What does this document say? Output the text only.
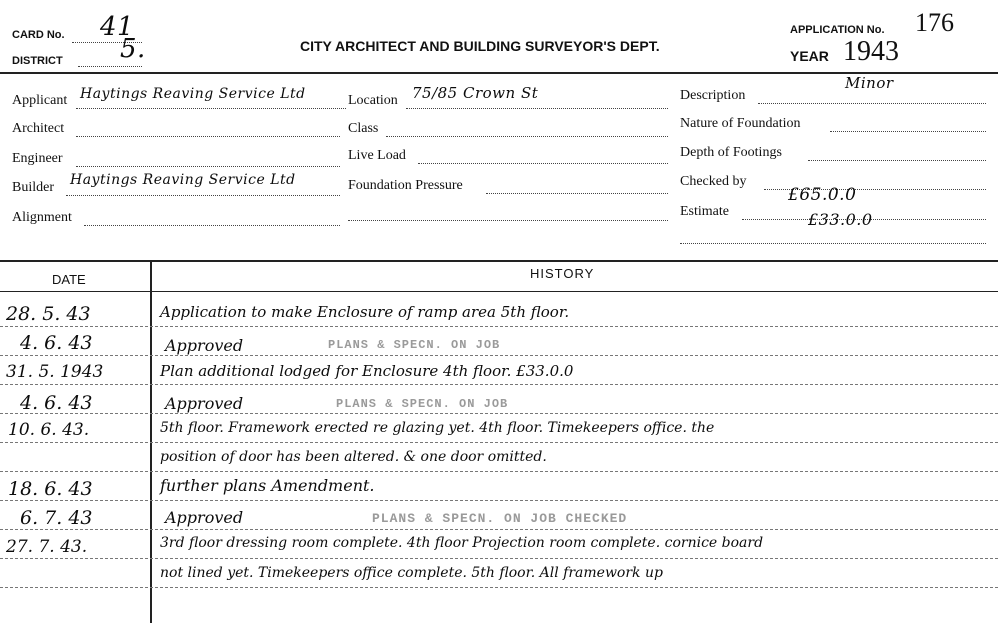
CARD No. 41
DISTRICT 5.	CITY ARCHITECT AND BUILDING SURVEYOR'S DEPT.
APPLICATION No. 176
YEAR 1943
Applicant Haytings Reaving Service Ltd
Architect
Engineer
Builder Haytings Reaving Service Ltd
Alignment
Location 75/85 Crown St
Class
Live Load
Foundation Pressure
Description
Minor
Nature of Foundation
Depth of Footings
Checked by
Estimate
£65.0.0
£33.0.0
DATE	HISTORY
28. 5. 43	Application to make Enclosure of ramp area 5th floor.
4. 6. 43	Approved	PLANS & SPECN. ON JOB
31. 5. 1943	Plan additional lodged for Enclosure 4th floor. £33.0.0
4. 6. 43	Approved	PLANS & SPECN. ON JOB
10. 6. 43.	5th floor. Framework erected re glazing yet. 4th floor. Timekeepers office. the
position of door has been altered. & one door omitted.
18. 6. 43	further plans Amendment.
6. 7. 43	Approved	PLANS & SPECN. ON JOB CHECKED
27. 7. 43.	3rd floor dressing room complete. 4th floor Projection room complete. cornice board
not lined yet. Timekeepers office complete. 5th floor. All framework up
